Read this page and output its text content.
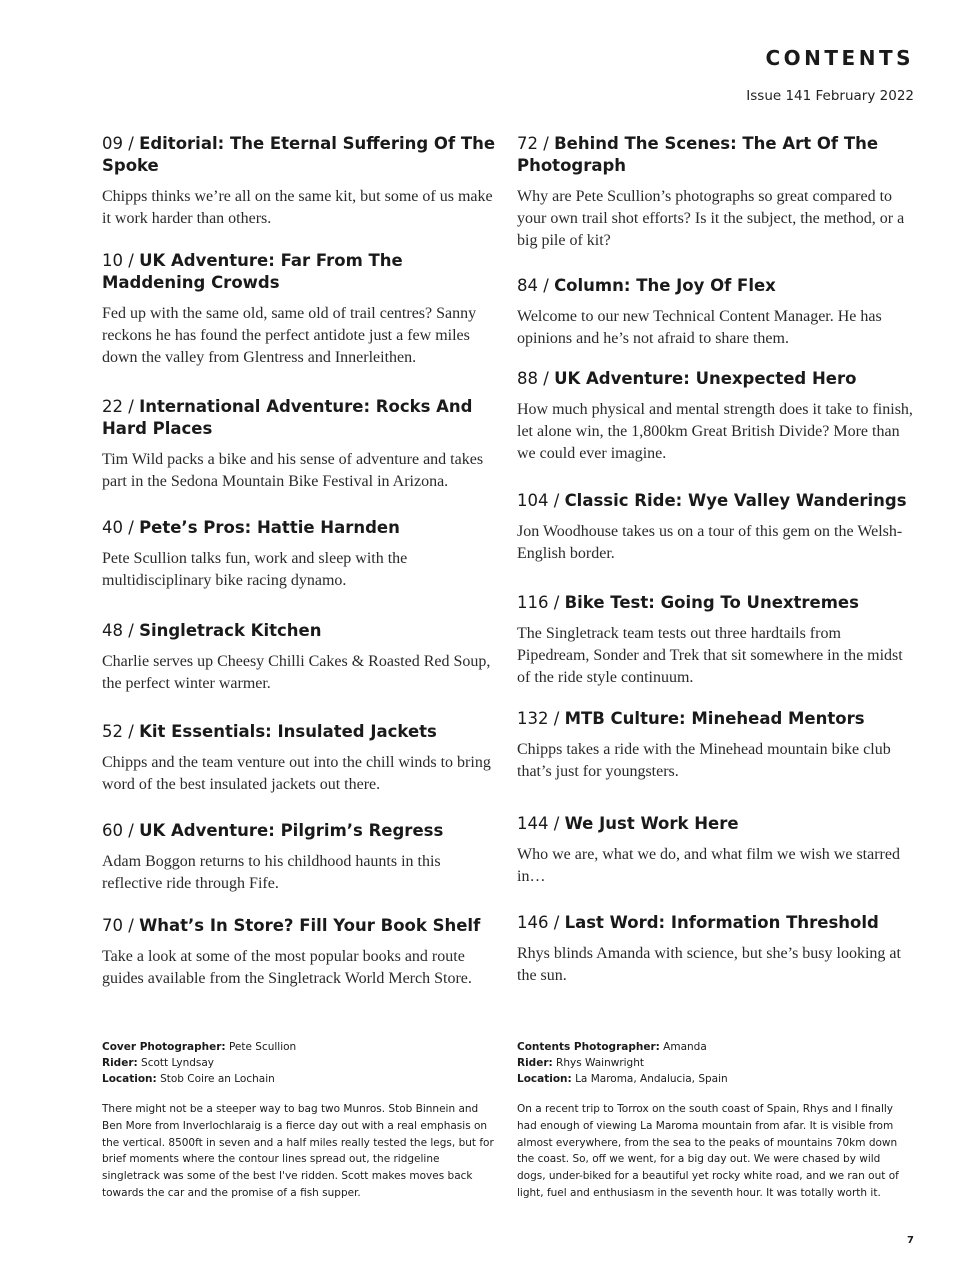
CONTENTS
Issue 141 February 2022
09 / Editorial: The Eternal Suffering Of The Spoke

Chipps thinks we’re all on the same kit, but some of us make it work harder than others.

10 / UK Adventure: Far From The Maddening Crowds

Fed up with the same old, same old of trail centres? Sanny reckons he has found the perfect antidote just a few miles down the valley from Glentress and Innerleithen.

22 / International Adventure: Rocks And Hard Places

Tim Wild packs a bike and his sense of adventure and takes part in the Sedona Mountain Bike Festival in Arizona.

40 / Pete’s Pros: Hattie Harnden

Pete Scullion talks fun, work and sleep with the multidisciplinary bike racing dynamo.

48 / Singletrack Kitchen

Charlie serves up Cheesy Chilli Cakes & Roasted Red Soup, the perfect winter warmer.

52 / Kit Essentials: Insulated Jackets

Chipps and the team venture out into the chill winds to bring word of the best insulated jackets out there.

60 / UK Adventure: Pilgrim’s Regress

Adam Boggon returns to his childhood haunts in this reflective ride through Fife.

70 / What’s In Store? Fill Your Book Shelf

Take a look at some of the most popular books and route guides available from the Singletrack World Merch Store.

72 / Behind The Scenes: The Art Of The Photograph

Why are Pete Scullion’s photographs so great compared to your own trail shot efforts? Is it the subject, the method, or a big pile of kit?

84 / Column: The Joy Of Flex

Welcome to our new Technical Content Manager. He has opinions and he’s not afraid to share them.

88 / UK Adventure: Unexpected Hero

How much physical and mental strength does it take to finish, let alone win, the 1,800km Great British Divide? More than we could ever imagine.

104 / Classic Ride: Wye Valley Wanderings

Jon Woodhouse takes us on a tour of this gem on the Welsh-English border.

116 / Bike Test: Going To Unextremes

The Singletrack team tests out three hardtails from Pipedream, Sonder and Trek that sit somewhere in the midst of the ride style continuum.

132 / MTB Culture: Minehead Mentors

Chipps takes a ride with the Minehead mountain bike club that’s just for youngsters.

144 / We Just Work Here

Who we are, what we do, and what film we wish we starred in…

146 / Last Word: Information Threshold

Rhys blinds Amanda with science, but she’s busy looking at the sun.

Cover Photographer: Pete Scullion
Rider: Scott Lyndsay
Location: Stob Coire an Lochain
There might not be a steeper way to bag two Munros. Stob Binnein and Ben More from Inverlochlaraig is a fierce day out with a real emphasis on the vertical. 8500ft in seven and a half miles really tested the legs, but for brief moments where the contour lines spread out, the ridgeline singletrack was some of the best I've ridden. Scott makes moves back towards the car and the promise of a fish supper.
Contents Photographer: Amanda
Rider: Rhys Wainwright
Location: La Maroma, Andalucia, Spain
On a recent trip to Torrox on the south coast of Spain, Rhys and I finally had enough of viewing La Maroma mountain from afar. It is visible from almost everywhere, from the sea to the peaks of mountains 70km down the coast. So, off we went, for a big day out. We were chased by wild dogs, under-biked for a beautiful yet rocky white road, and we ran out of light, fuel and enthusiasm in the seventh hour. It was totally worth it.
7
